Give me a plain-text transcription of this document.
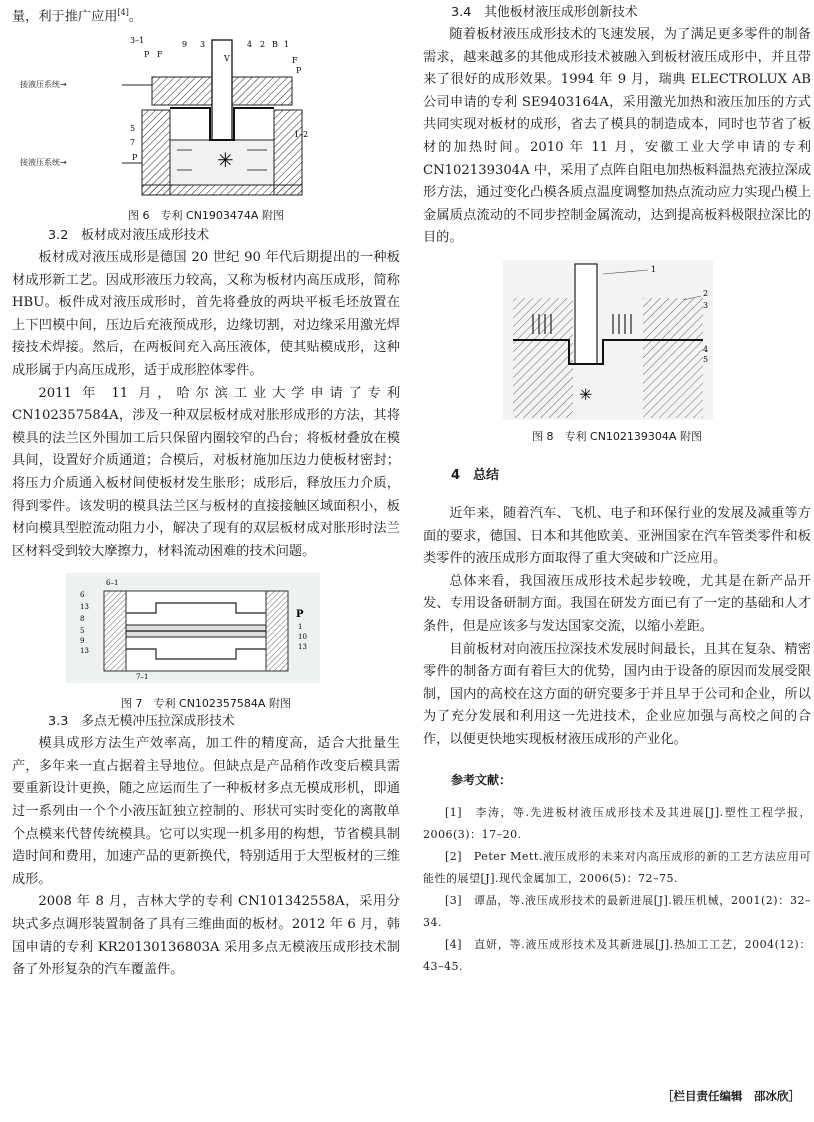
量，利于推广应用[4]。

✳
3–1
P F
9 3
V
4 2 B 1
F
P
1–2
5
7
P
接液压系统→
接液压系统→

图 6　专利 CN1903474A 附图

3.2　板材成对液压成形技术

板材成对液压成形是德国 20 世纪 90 年代后期提出的一种板材成形新工艺。因成形液压力较高，又称为板材内高压成形，简称 HBU。板件成对液压成形时，首先将叠放的两块平板毛坯放置在上下凹模中间，压边后充液预成形，边缘切割，对边缘采用激光焊接技术焊接。然后，在两板间充入高压液体，使其贴模成形，这种成形属于内高压成形，适于成形腔体零件。

2011 年 11 月，哈尔滨工业大学申请了专利 CN102357584A，涉及一种双层板材成对胀形成形的方法，其将模具的法兰区外围加工后只保留内圈较窄的凸台；将板材叠放在模具间，设置好介质通道；合模后，对板材施加压边力使板材密封；将压力介质通入板材间使板材发生胀形；成形后，释放压力介质，得到零件。该发明的模具法兰区与板材的直接接触区域面积小，板材向模具型腔流动阻力小，解决了现有的双层板材成对胀形时法兰区材料受到较大摩擦力，材料流动困难的技术问题。

6–1
6
13
8
5
9
13
7–1
P
1
10
13

图 7　专利 CN102357584A 附图

3.3　多点无模冲压拉深成形技术

模具成形方法生产效率高，加工件的精度高，适合大批量生产，多年来一直占据着主导地位。但缺点是产品稍作改变后模具需要重新设计更换，随之应运而生了一种板材多点无模成形机，即通过一系列由一个个小液压缸独立控制的、形状可实时变化的离散单个点模来代替传统模具。它可以实现一机多用的构想，节省模具制造时间和费用，加速产品的更新换代，特别适用于大型板材的三维成形。

2008 年 8 月，吉林大学的专利 CN101342558A，采用分块式多点调形装置制备了具有三维曲面的板材。2012 年 6 月，韩国申请的专利 KR20130136803A 采用多点无模液压成形技术制备了外形复杂的汽车覆盖件。

3.4　其他板材液压成形创新技术

随着板材液压成形技术的飞速发展，为了满足更多零件的制备需求，越来越多的其他成形技术被融入到板材液压成形中，并且带来了很好的成形效果。1994 年 9 月，瑞典 ELECTROLUX AB 公司申请的专利 SE9403164A，采用激光加热和液压加压的方式共同实现对板材的成形，省去了模具的制造成本，同时也节省了板材的加热时间。2010 年 11 月，安徽工业大学申请的专利 CN102139304A 中，采用了点阵自阻电加热板料温热充液拉深成形方法，通过变化凸模各质点温度调整加热点流动应力实现凸模上金属质点流动的不同步控制金属流动，达到提高板料极限拉深比的目的。

✳
1
2
3
4
5

图 8　专利 CN102139304A 附图

4　总结

近年来，随着汽车、飞机、电子和环保行业的发展及减重等方面的要求，德国、日本和其他欧美、亚洲国家在汽车管类零件和板类零件的液压成形方面取得了重大突破和广泛应用。

总体来看，我国液压成形技术起步较晚，尤其是在新产品开发、专用设备研制方面。我国在研发方面已有了一定的基础和人才条件，但是应该多与发达国家交流，以缩小差距。

目前板材对向液压拉深技术发展时间最长，且其在复杂、精密零件的制备方面有着巨大的优势，国内由于设备的原因而发展受限制，国内的高校在这方面的研究要多于并且早于公司和企业，所以为了充分发展和利用这一先进技术，企业应加强与高校之间的合作，以便更快地实现板材液压成形的产业化。

参考文献：

[1]　李涛，等.先进板材液压成形技术及其进展[J].塑性工程学报，2006(3)：17–20.

[2]　Peter Mett.液压成形的未来对内高压成形的新的工艺方法应用可能性的展望[J].现代金属加工，2006(5)：72–75.

[3]　谭晶，等.液压成形技术的最新进展[J].锻压机械，2001(2)：32–34.

[4]　直妍，等.液压成形技术及其新进展[J].热加工工艺，2004(12)：43–45.

［栏目责任编辑　邵冰欣］
